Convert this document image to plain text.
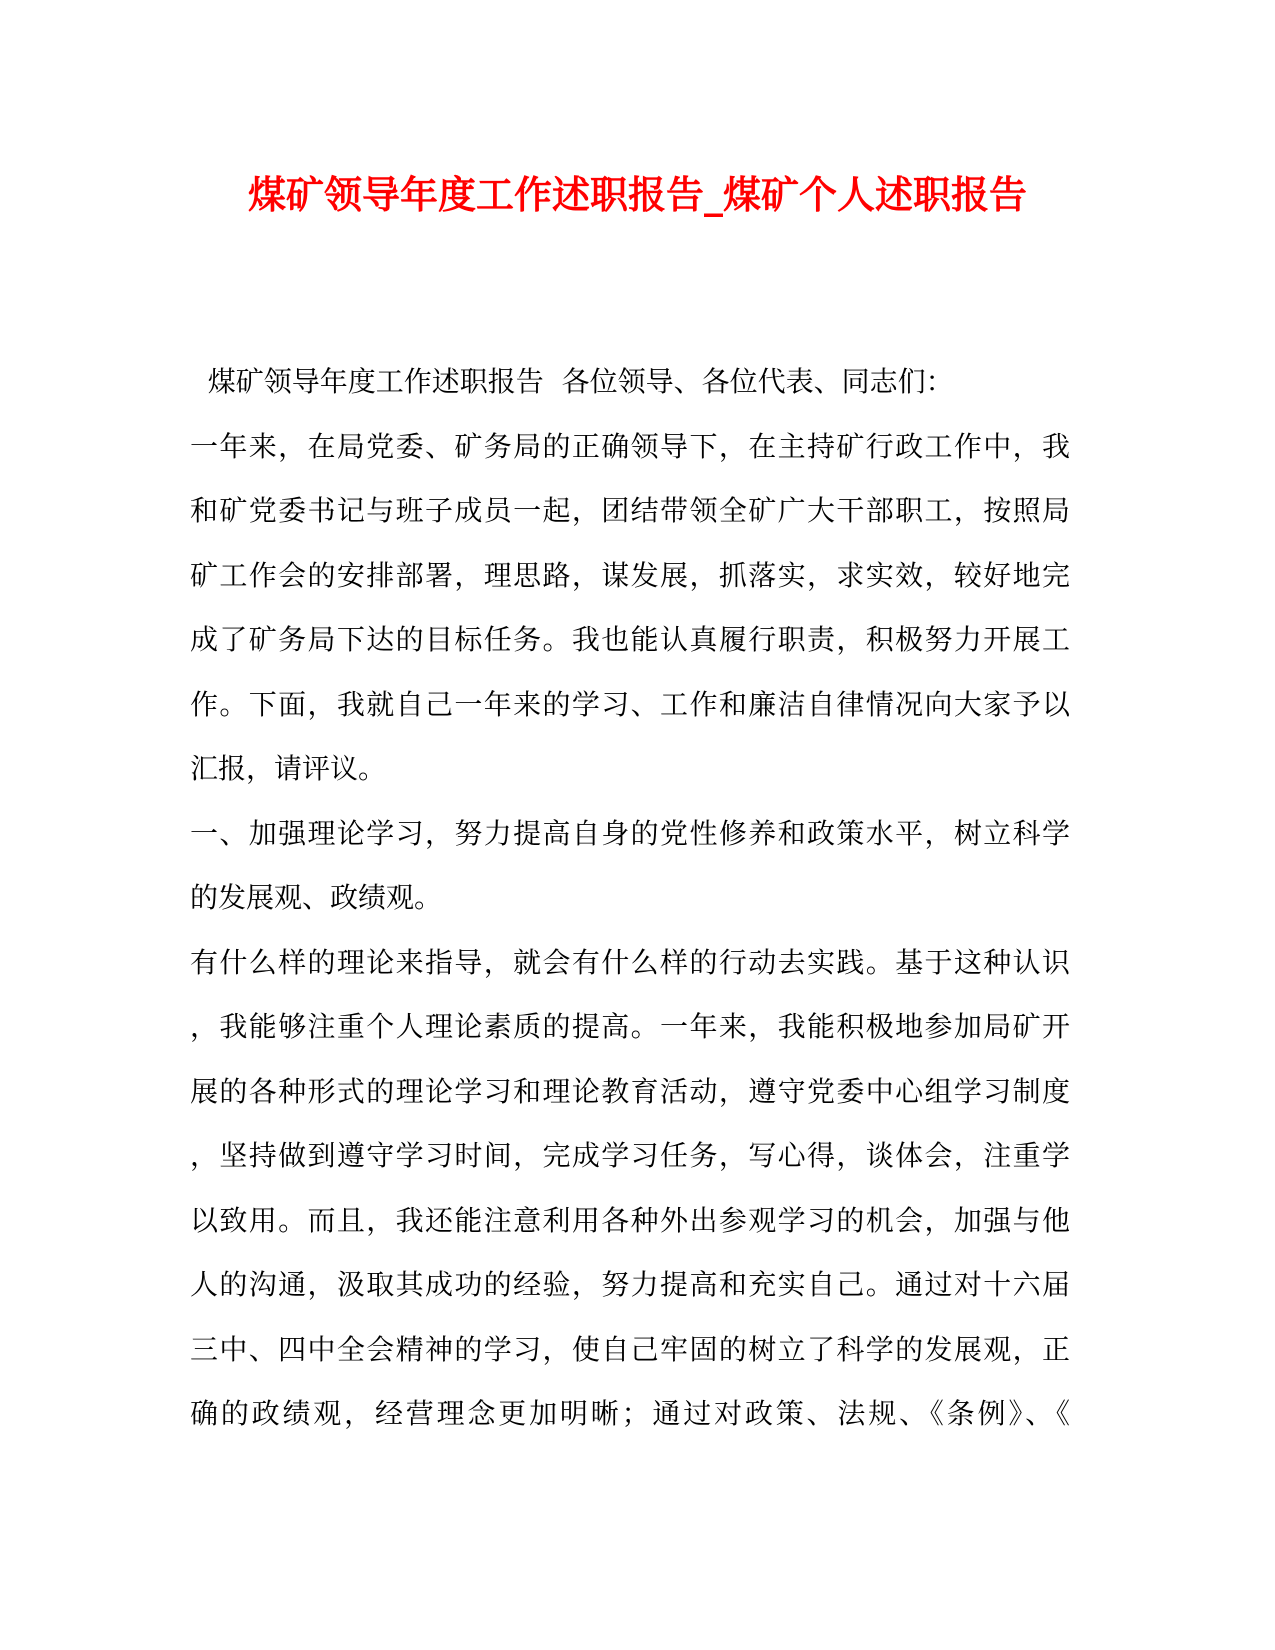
煤矿领导年度工作述职报告_煤矿个人述职报告
煤矿领导年度工作述职报告  各位领导、各位代表、同志们：
一年来，在局党委、矿务局的正确领导下，在主持矿行政工作中，我
和矿党委书记与班子成员一起，团结带领全矿广大干部职工，按照局
矿工作会的安排部署，理思路，谋发展，抓落实，求实效，较好地完
成了矿务局下达的目标任务。我也能认真履行职责，积极努力开展工
作。下面，我就自己一年来的学习、工作和廉洁自律情况向大家予以
汇报，请评议。
一、加强理论学习，努力提高自身的党性修养和政策水平，树立科学
的发展观、政绩观。
有什么样的理论来指导，就会有什么样的行动去实践。基于这种认识
，我能够注重个人理论素质的提高。一年来，我能积极地参加局矿开
展的各种形式的理论学习和理论教育活动，遵守党委中心组学习制度
，坚持做到遵守学习时间，完成学习任务，写心得，谈体会，注重学
以致用。而且，我还能注意利用各种外出参观学习的机会，加强与他
人的沟通，汲取其成功的经验，努力提高和充实自己。通过对十六届
三中、四中全会精神的学习，使自己牢固的树立了科学的发展观，正
确的政绩观，经营理念更加明晰；通过对政策、法规、《条例》、《
